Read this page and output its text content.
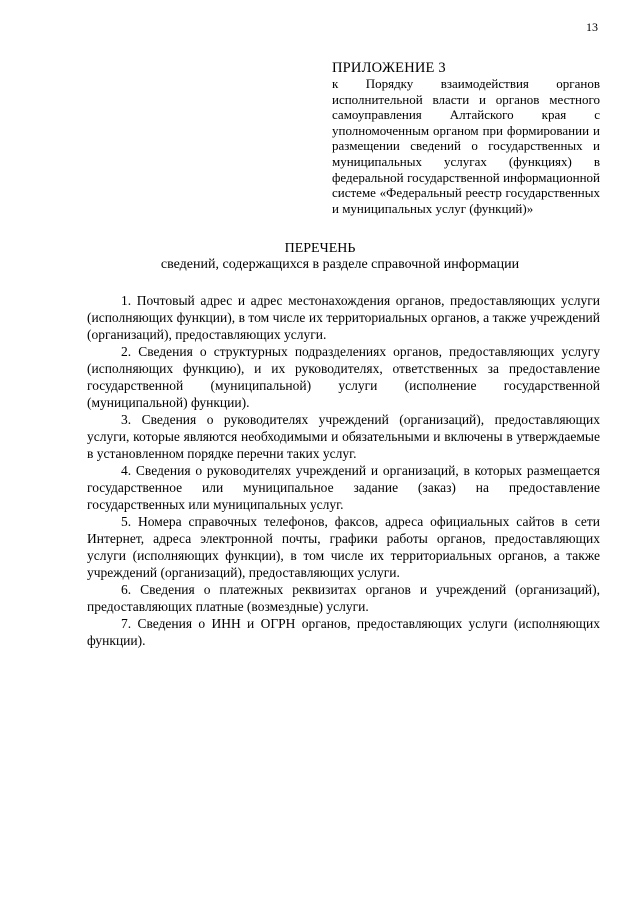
13
ПРИЛОЖЕНИЕ 3
к Порядку взаимодействия органов исполнительной власти и органов местного самоуправления Алтайского края с уполномоченным органом при формировании и размещении сведений о государственных и муниципальных услугах (функциях) в федеральной государственной информационной системе «Федеральный реестр государственных и муниципальных услуг (функций)»
ПЕРЕЧЕНЬ
сведений, содержащихся в разделе справочной информации

1. Почтовый адрес и адрес местонахождения органов, предоставляющих услуги (исполняющих функции), в том числе их территориальных органов, а также учреждений (организаций), предоставляющих услуги.

2. Сведения о структурных подразделениях органов, предоставляющих услугу (исполняющих функцию), и их руководителях, ответственных за предоставление государственной (муниципальной) услуги (исполнение государственной (муниципальной) функции).

3. Сведения о руководителях учреждений (организаций), предоставляющих услуги, которые являются необходимыми и обязательными и включены в утверждаемые в установленном порядке перечни таких услуг.

4. Сведения о руководителях учреждений и организаций, в которых размещается государственное или муниципальное задание (заказ) на предоставление государственных или муниципальных услуг.

5. Номера справочных телефонов, факсов, адреса официальных сайтов в сети Интернет, адреса электронной почты, графики работы органов, предоставляющих услуги (исполняющих функции), в том числе их территориальных органов, а также учреждений (организаций), предоставляющих услуги.

6. Сведения о платежных реквизитах органов и учреждений (организаций), предоставляющих платные (возмездные) услуги.

7. Сведения о ИНН и ОГРН органов, предоставляющих услуги (исполняющих функции).
